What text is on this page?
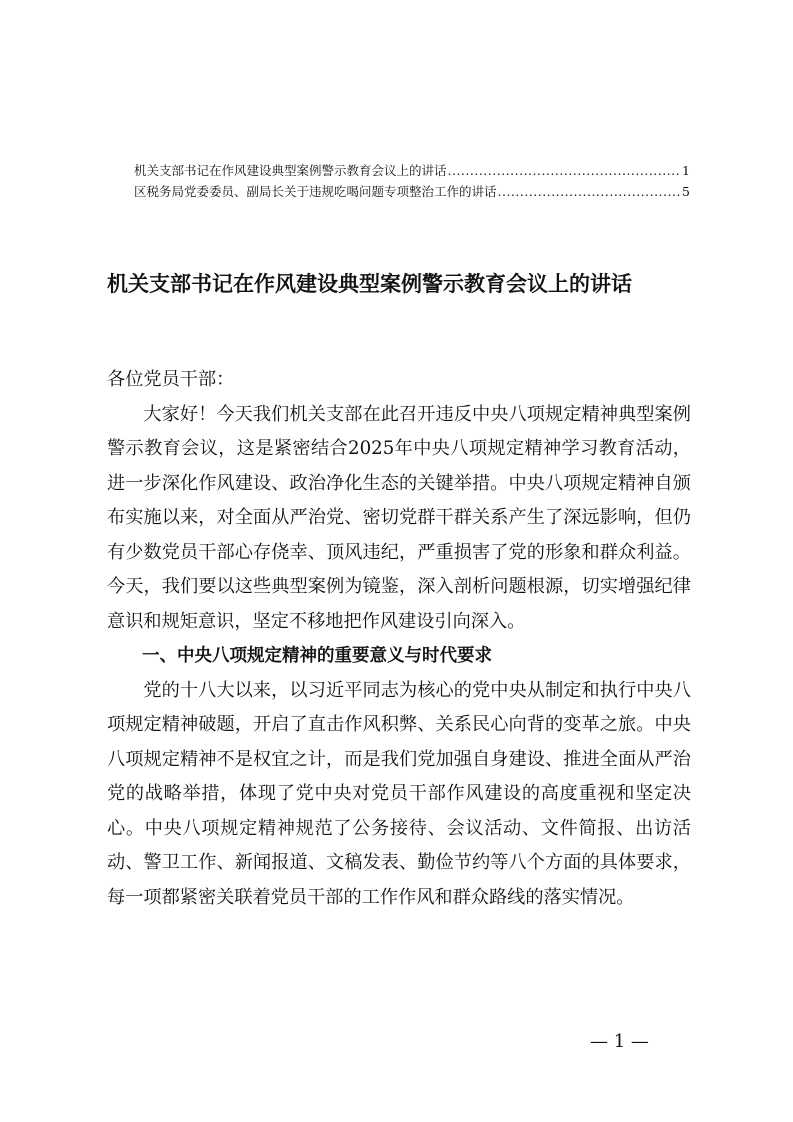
机关支部书记在作风建设典型案例警示教育会议上的讲话 .....	1
区税务局党委委员、副局长关于违规吃喝问题专项整治工作的讲话 .....	5
机关支部书记在作风建设典型案例警示教育会议上的讲话

各位党员干部：

大家好！今天我们机关支部在此召开违反中央八项规定精神典型案例警示教育会议，这是紧密结合2025年中央八项规定精神学习教育活动，进一步深化作风建设、政治净化生态的关键举措。中央八项规定精神自颁布实施以来，对全面从严治党、密切党群干群关系产生了深远影响，但仍有少数党员干部心存侥幸、顶风违纪，严重损害了党的形象和群众利益。今天，我们要以这些典型案例为镜鉴，深入剖析问题根源，切实增强纪律意识和规矩意识，坚定不移地把作风建设引向深入。

一、中央八项规定精神的重要意义与时代要求

党的十八大以来，以习近平同志为核心的党中央从制定和执行中央八项规定精神破题，开启了直击作风积弊、关系民心向背的变革之旅。中央八项规定精神不是权宜之计，而是我们党加强自身建设、推进全面从严治党的战略举措，体现了党中央对党员干部作风建设的高度重视和坚定决心。中央八项规定精神规范了公务接待、会议活动、文件简报、出访活动、警卫工作、新闻报道、文稿发表、勤俭节约等八个方面的具体要求，每一项都紧密关联着党员干部的工作作风和群众路线的落实情况。

— 1 —
